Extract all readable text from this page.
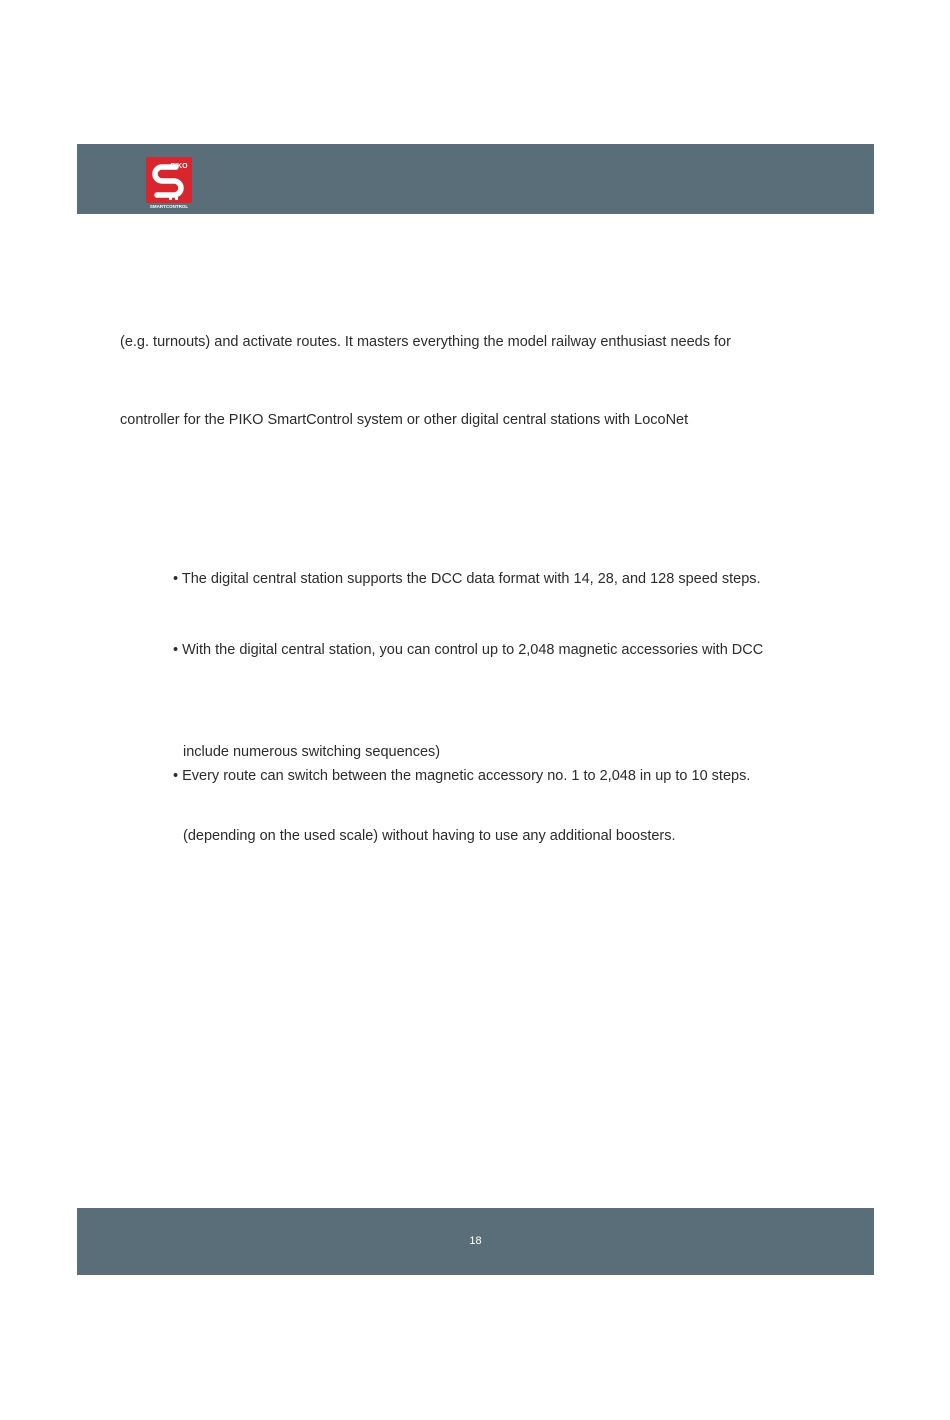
PIKO
SMARTCONTROL
(e.g. turnouts) and activate routes. It masters everything the model railway enthusiast needs for
controller for the PIKO SmartControl system or other digital central stations with LocoNet
• The digital central station supports the DCC data format with 14, 28, and 128 speed steps.
• With the digital central station, you can control up to 2,048 magnetic accessories with DCC
include numerous switching sequences)
• Every route can switch between the magnetic accessory no. 1 to 2,048 in up to 10 steps.
(depending on the used scale) without having to use any additional boosters.
18
